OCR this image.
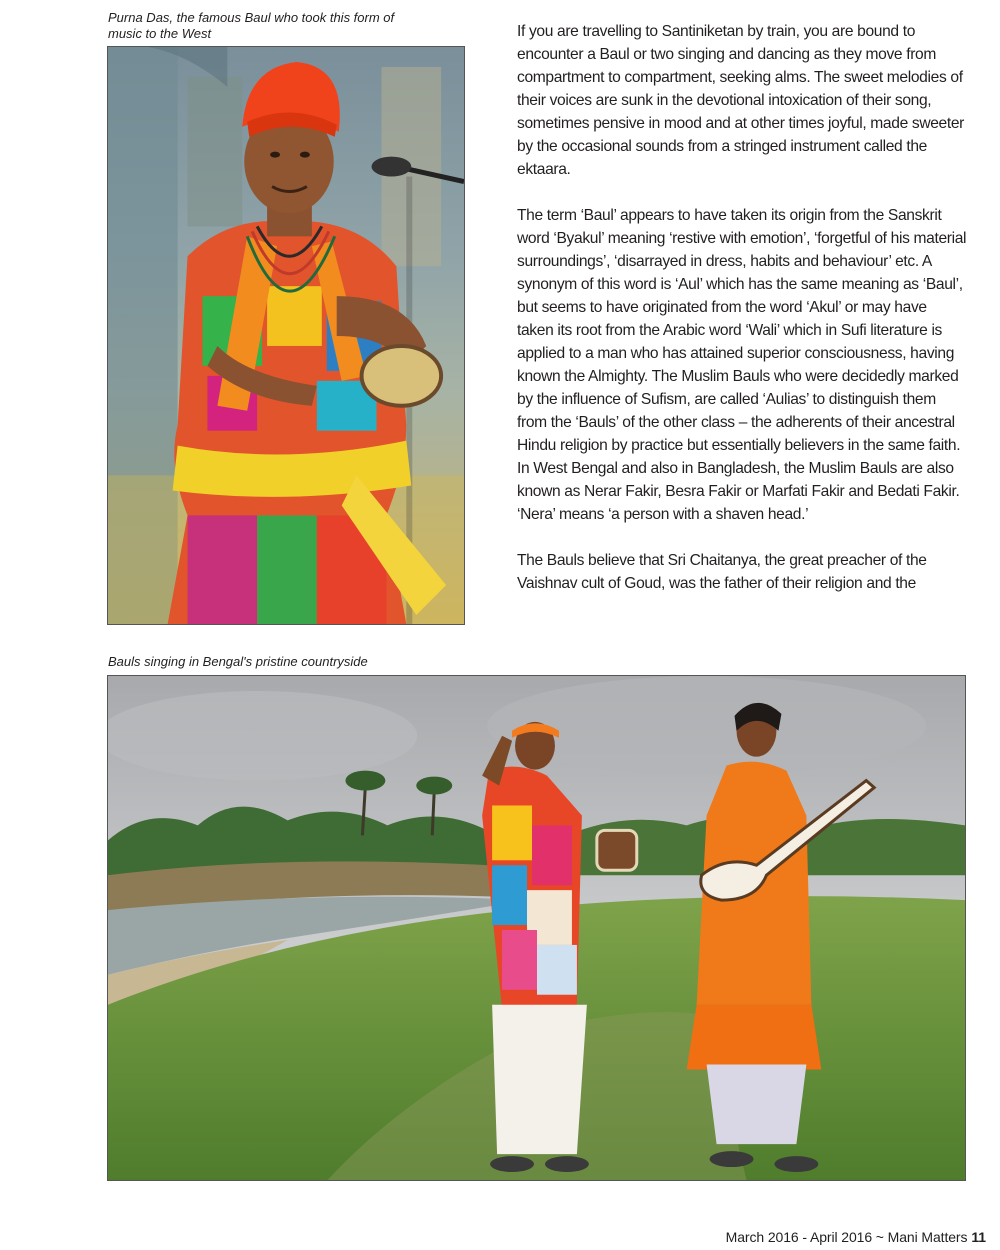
Purna Das, the famous Baul who took this form of music to the West	If you are travelling to Santiniketan by train, you are bound to encounter a Baul or two singing and dancing as they move from compartment to compartment, seeking alms. The sweet melodies of their voices are sunk in the devotional intoxication of their song, sometimes pensive in mood and at other times joyful, made sweeter by the occasional sounds from a stringed instrument called the ektaara.

The term ‘Baul’ appears to have taken its origin from the Sanskrit word ‘Byakul’ meaning ‘restive with emotion’, ‘forgetful of his material surroundings’, ‘disarrayed in dress, habits and behaviour’ etc. A synonym of this word is ‘Aul’ which has the same meaning as ‘Baul’, but seems to have originated from the word ‘Akul’ or may have taken its root from the Arabic word ‘Wali’ which in Sufi literature is applied to a man who has attained superior consciousness, having known the Almighty. The Muslim Bauls who were decidedly marked by the influence of Sufism, are called ‘Aulias’ to distinguish them from the ‘Bauls’ of the other class – the adherents of their ancestral Hindu religion by practice but essentially believers in the same faith. In West Bengal and also in Bangladesh, the Muslim Bauls are also known as Nerar Fakir, Besra Fakir or Marfati Fakir and Bedati Fakir. ‘Nera’ means ‘a person with a shaven head.’

The Bauls believe that Sri Chaitanya, the great preacher of the Vaishnav cult of Goud, was the father of their religion and the

Bauls singing in Bengal's pristine countryside

March 2016 - April 2016 ~ Mani Matters 11
